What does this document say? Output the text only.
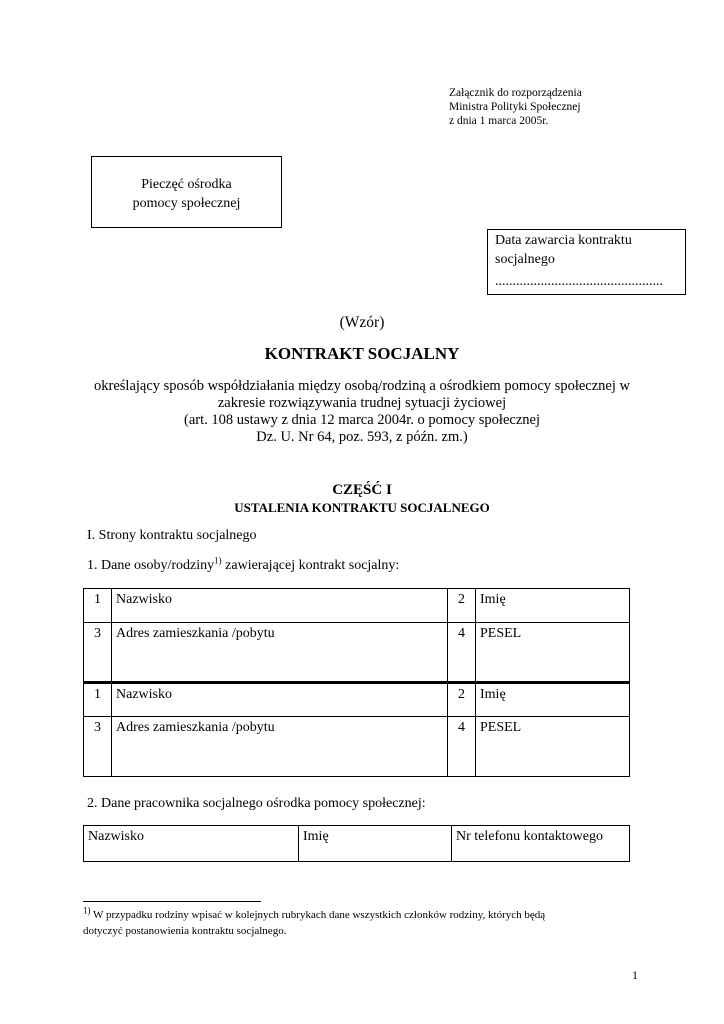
Załącznik do rozporządzenia
Ministra Polityki Społecznej
z dnia 1 marca 2005r.
Pieczęć ośrodka
pomocy społecznej
Data zawarcia kontraktu
socjalnego
................................................
(Wzór)
KONTRAKT SOCJALNY
określający sposób współdziałania między osobą/rodziną a ośrodkiem pomocy społecznej w
zakresie rozwiązywania trudnej sytuacji życiowej
(art. 108 ustawy z dnia 12 marca 2004r. o pomocy społecznej
Dz. U. Nr 64, poz. 593, z późn. zm.)
CZĘŚĆ I
USTALENIA KONTRAKTU SOCJALNEGO
I. Strony kontraktu socjalnego
1. Dane osoby/rodziny$^{1)}$ zawierającej kontrakt socjalny:
1	Nazwisko	2	Imię
3	Adres zamieszkania /pobytu	4	PESEL
1	Nazwisko	2	Imię
3	Adres zamieszkania /pobytu	4	PESEL
2. Dane pracownika socjalnego ośrodka pomocy społecznej:
Nazwisko	Imię	Nr telefonu kontaktowego
$^{1)}$ W przypadku rodziny wpisać w kolejnych rubrykach dane wszystkich członków rodziny, których będą
dotyczyć postanowienia kontraktu socjalnego.
1
